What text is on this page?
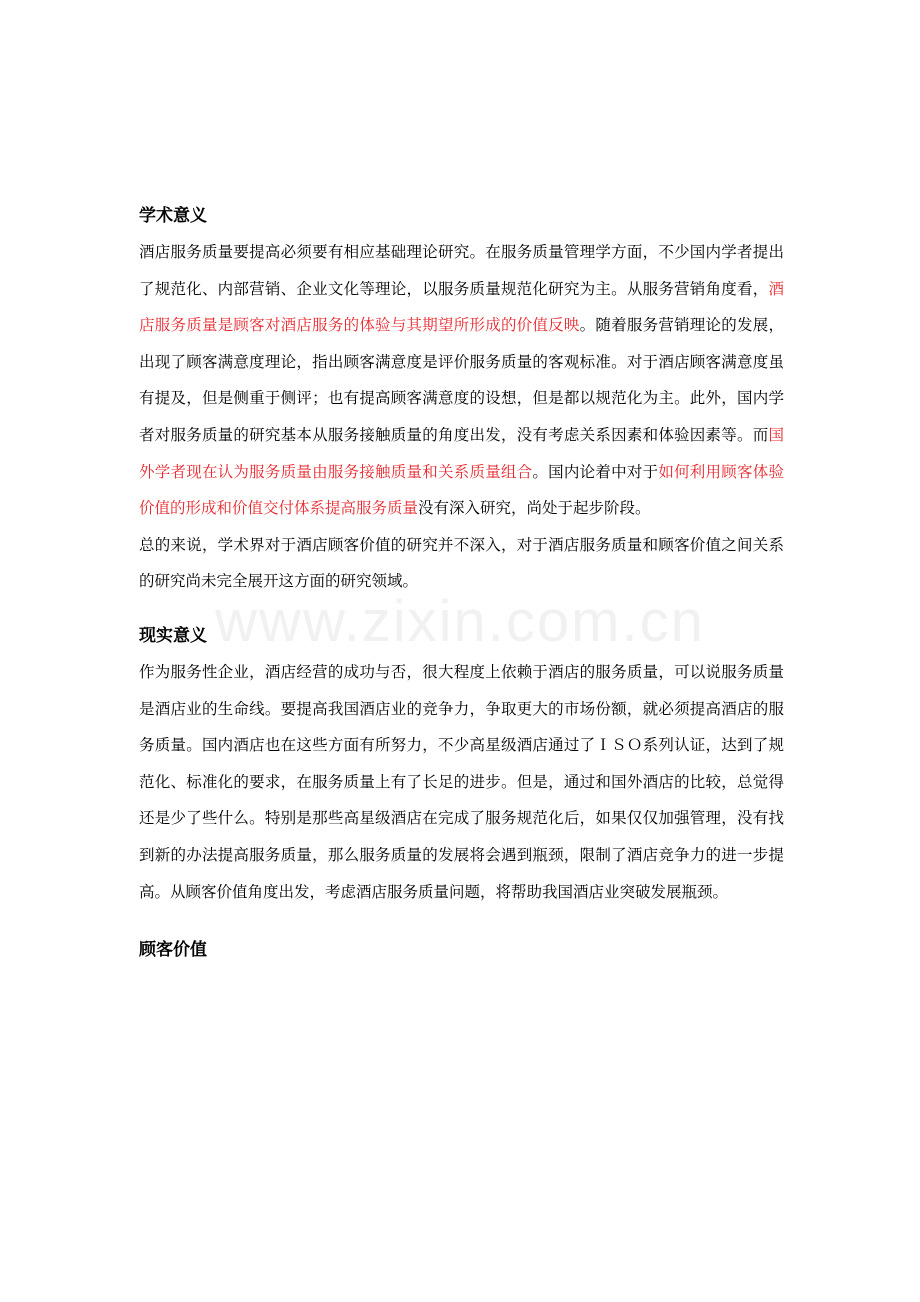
www.zixin.com.cn
学术意义

酒店服务质量要提高必须要有相应基础理论研究。在服务质量管理学方面，不少国内学者提出了规范化、内部营销、企业文化等理论，以服务质量规范化研究为主。从服务营销角度看，酒店服务质量是顾客对酒店服务的体验与其期望所形成的价值反映。随着服务营销理论的发展，出现了顾客满意度理论，指出顾客满意度是评价服务质量的客观标准。对于酒店顾客满意度虽有提及，但是侧重于侧评；也有提高顾客满意度的设想，但是都以规范化为主。此外，国内学者对服务质量的研究基本从服务接触质量的角度出发，没有考虑关系因素和体验因素等。而国外学者现在认为服务质量由服务接触质量和关系质量组合。国内论着中对于如何利用顾客体验价值的形成和价值交付体系提高服务质量没有深入研究，尚处于起步阶段。

总的来说，学术界对于酒店顾客价值的研究并不深入，对于酒店服务质量和顾客价值之间关系的研究尚未完全展开这方面的研究领域。

现实意义

作为服务性企业，酒店经营的成功与否，很大程度上依赖于酒店的服务质量，可以说服务质量是酒店业的生命线。要提高我国酒店业的竞争力，争取更大的市场份额，就必须提高酒店的服务质量。国内酒店也在这些方面有所努力，不少高星级酒店通过了ＩＳＯ系列认证，达到了规范化、标准化的要求，在服务质量上有了长足的进步。但是，通过和国外酒店的比较，总觉得还是少了些什么。特别是那些高星级酒店在完成了服务规范化后，如果仅仅加强管理，没有找到新的办法提高服务质量，那么服务质量的发展将会遇到瓶颈，限制了酒店竞争力的进一步提高。从顾客价值角度出发，考虑酒店服务质量问题，将帮助我国酒店业突破发展瓶颈。

顾客价值
